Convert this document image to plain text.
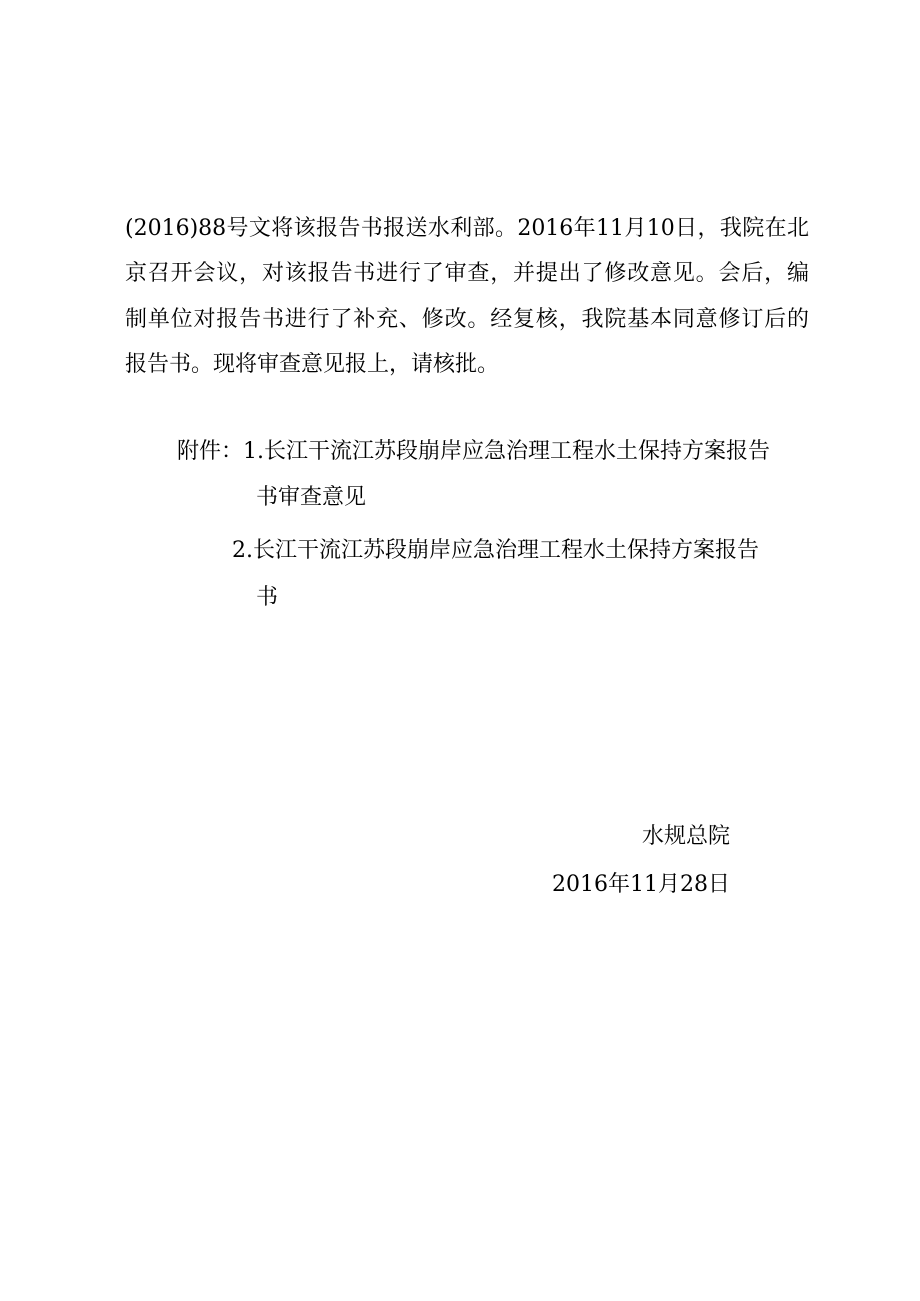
(2016)88号文将该报告书报送水利部。2016年11月10日，我院在北
京召开会议，对该报告书进行了审查，并提出了修改意见。会后，编
制单位对报告书进行了补充、修改。经复核，我院基本同意修订后的
报告书。现将审查意见报上，请核批。
附件： 1.长江干流江苏段崩岸应急治理工程水土保持方案报告
书审查意见
2.长江干流江苏段崩岸应急治理工程水土保持方案报告
书
水规总院
2016年11月28日
